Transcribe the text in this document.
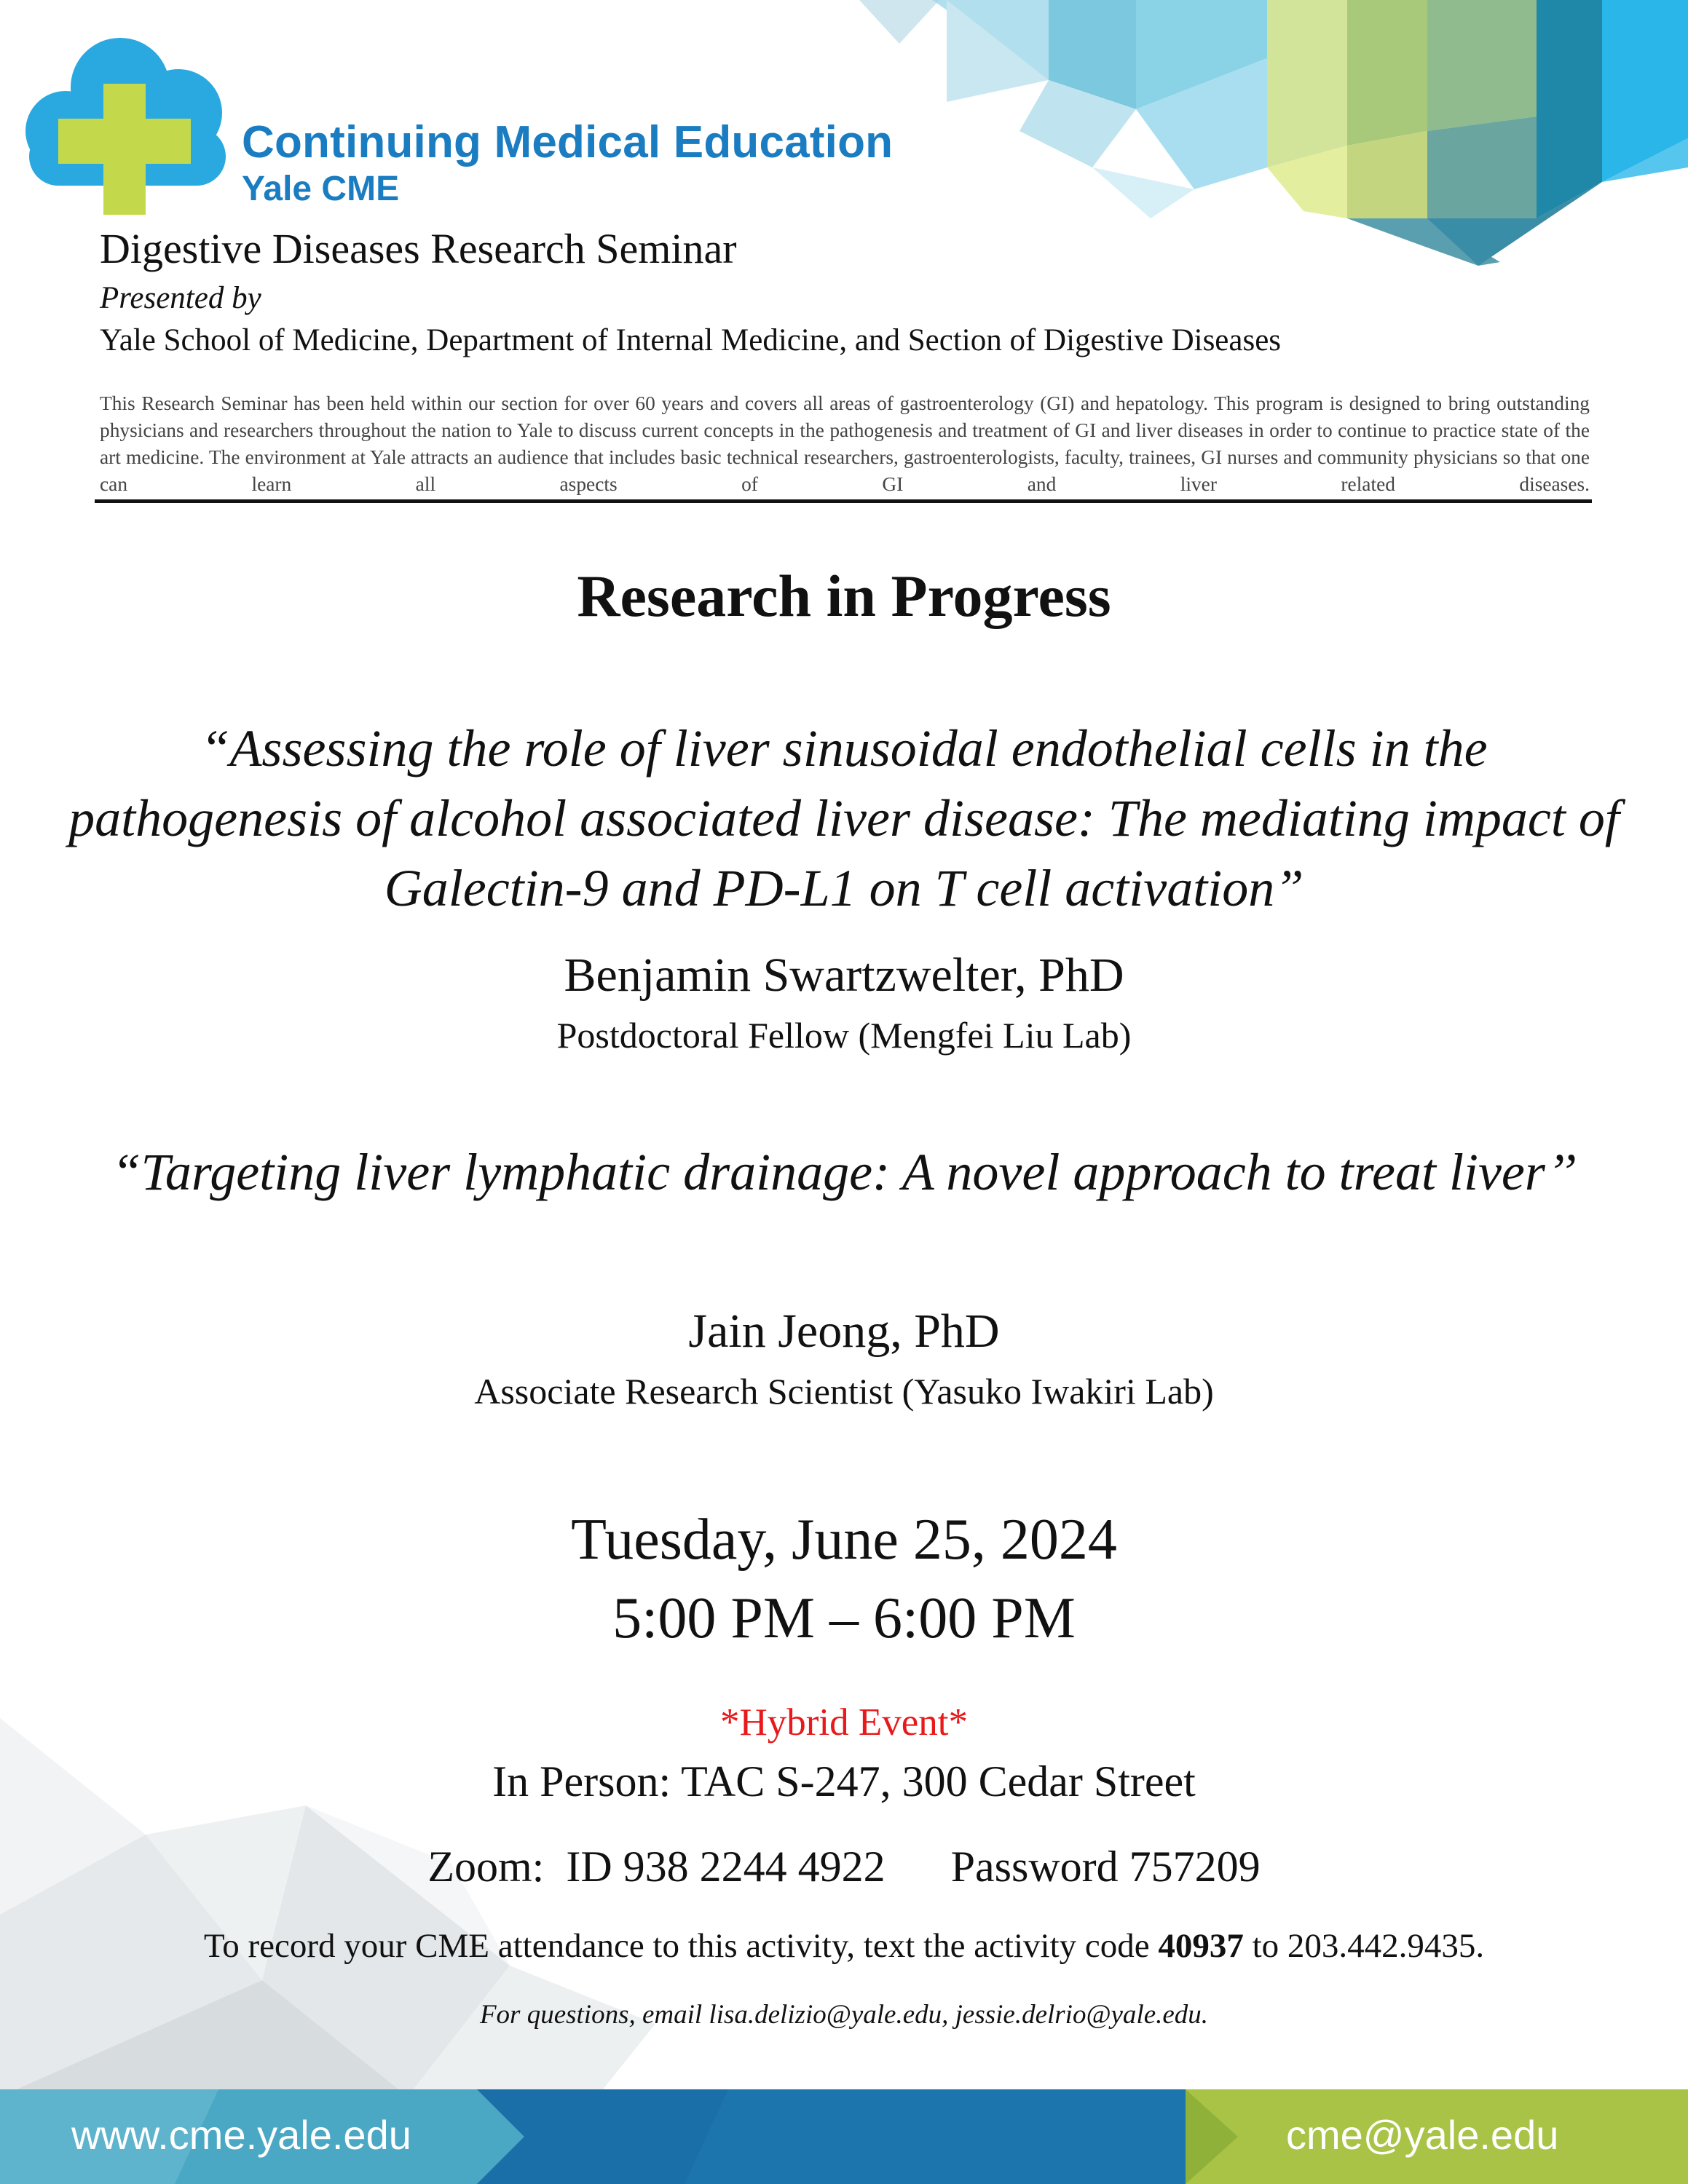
Continuing Medical Education
Yale CME
Digestive Diseases Research Seminar
Presented by
Yale School of Medicine, Department of Internal Medicine, and Section of Digestive Diseases
This Research Seminar has been held within our section for over 60 years and covers all areas of gastroenterology (GI) and hepatology. This program is designed to bring outstanding physicians and researchers throughout the nation to Yale to discuss current concepts in the pathogenesis and treatment of GI and liver diseases in order to continue to practice state of the art medicine. The environment at Yale attracts an audience that includes basic technical researchers, gastroenterologists, faculty, trainees, GI nurses and community physicians so that one can learn all aspects of GI and liver related diseases.
Research in Progress
“Assessing the role of liver sinusoidal endothelial cells in the pathogenesis of alcohol associated liver disease: The mediating impact of Galectin-9 and PD-L1 on T cell activation”
Benjamin Swartzwelter, PhD
Postdoctoral Fellow (Mengfei Liu Lab)
“Targeting liver lymphatic drainage: A novel approach to treat liver’’
Jain Jeong, PhD
Associate Research Scientist (Yasuko Iwakiri Lab)
Tuesday, June 25, 2024
5:00 PM – 6:00 PM
*Hybrid Event*
In Person: TAC S-247, 300 Cedar Street
Zoom:  ID 938 2244 4922      Password 757209
To record your CME attendance to this activity, text the activity code 40937 to 203.442.9435.
For questions, email lisa.delizio@yale.edu, jessie.delrio@yale.edu.
www.cme.yale.edu	cme@yale.edu
